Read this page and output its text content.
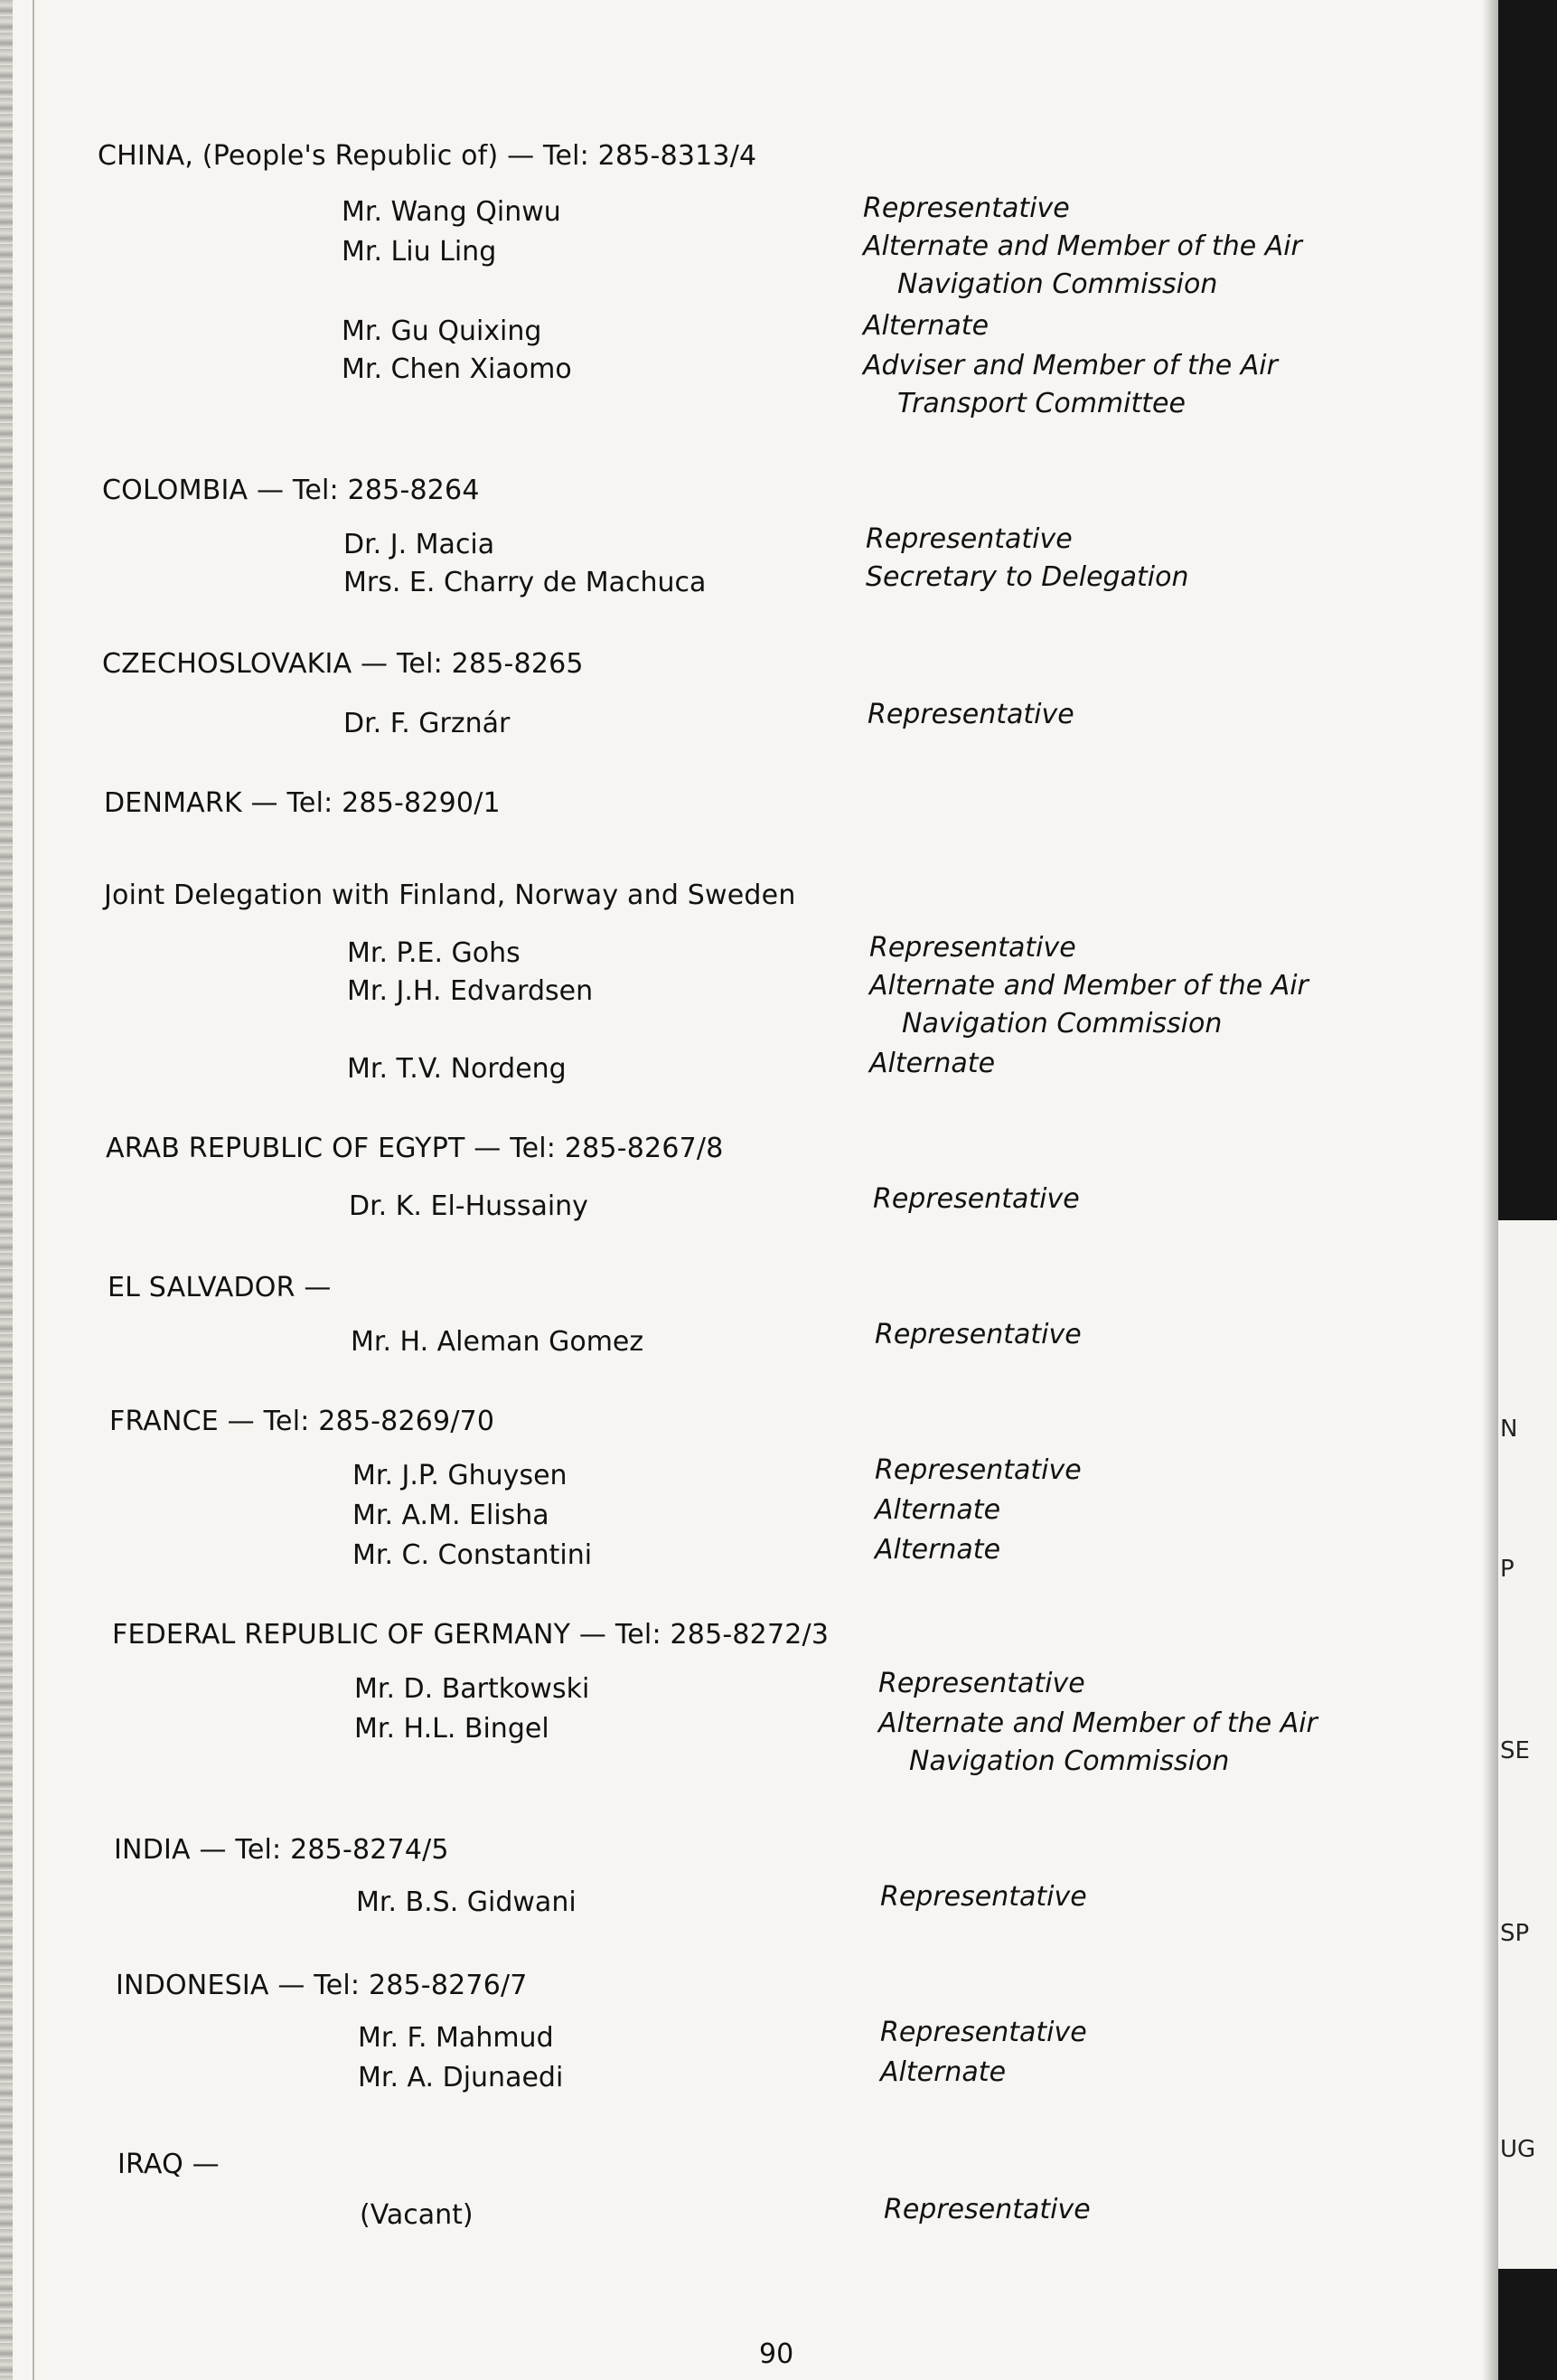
CHINA, (People's Republic of) — Tel: 285-8313/4
Mr. Wang Qinwu	Representative
Mr. Liu Ling	Alternate and Member of the Air
Navigation Commission
Mr. Gu Quixing	Alternate
Mr. Chen Xiaomo	Adviser and Member of the Air
Transport Committee
COLOMBIA — Tel: 285-8264
Dr. J. Macia	Representative
Mrs. E. Charry de Machuca	Secretary to Delegation
CZECHOSLOVAKIA — Tel: 285-8265
Dr. F. Grznár	Representative
DENMARK — Tel: 285-8290/1
Joint Delegation with Finland, Norway and Sweden
Mr. P.E. Gohs	Representative
Mr. J.H. Edvardsen	Alternate and Member of the Air
Navigation Commission
Mr. T.V. Nordeng	Alternate
ARAB REPUBLIC OF EGYPT — Tel: 285-8267/8
Dr. K. El-Hussainy	Representative
EL SALVADOR —
Mr. H. Aleman Gomez	Representative
FRANCE — Tel: 285-8269/70
Mr. J.P. Ghuysen	Representative
Mr. A.M. Elisha	Alternate
Mr. C. Constantini	Alternate
FEDERAL REPUBLIC OF GERMANY — Tel: 285-8272/3
Mr. D. Bartkowski	Representative
Mr. H.L. Bingel	Alternate and Member of the Air
Navigation Commission
INDIA — Tel: 285-8274/5
Mr. B.S. Gidwani	Representative
INDONESIA — Tel: 285-8276/7
Mr. F. Mahmud	Representative
Mr. A. Djunaedi	Alternate
IRAQ —
(Vacant)	Representative
90
N
P
SE
SP
UG
